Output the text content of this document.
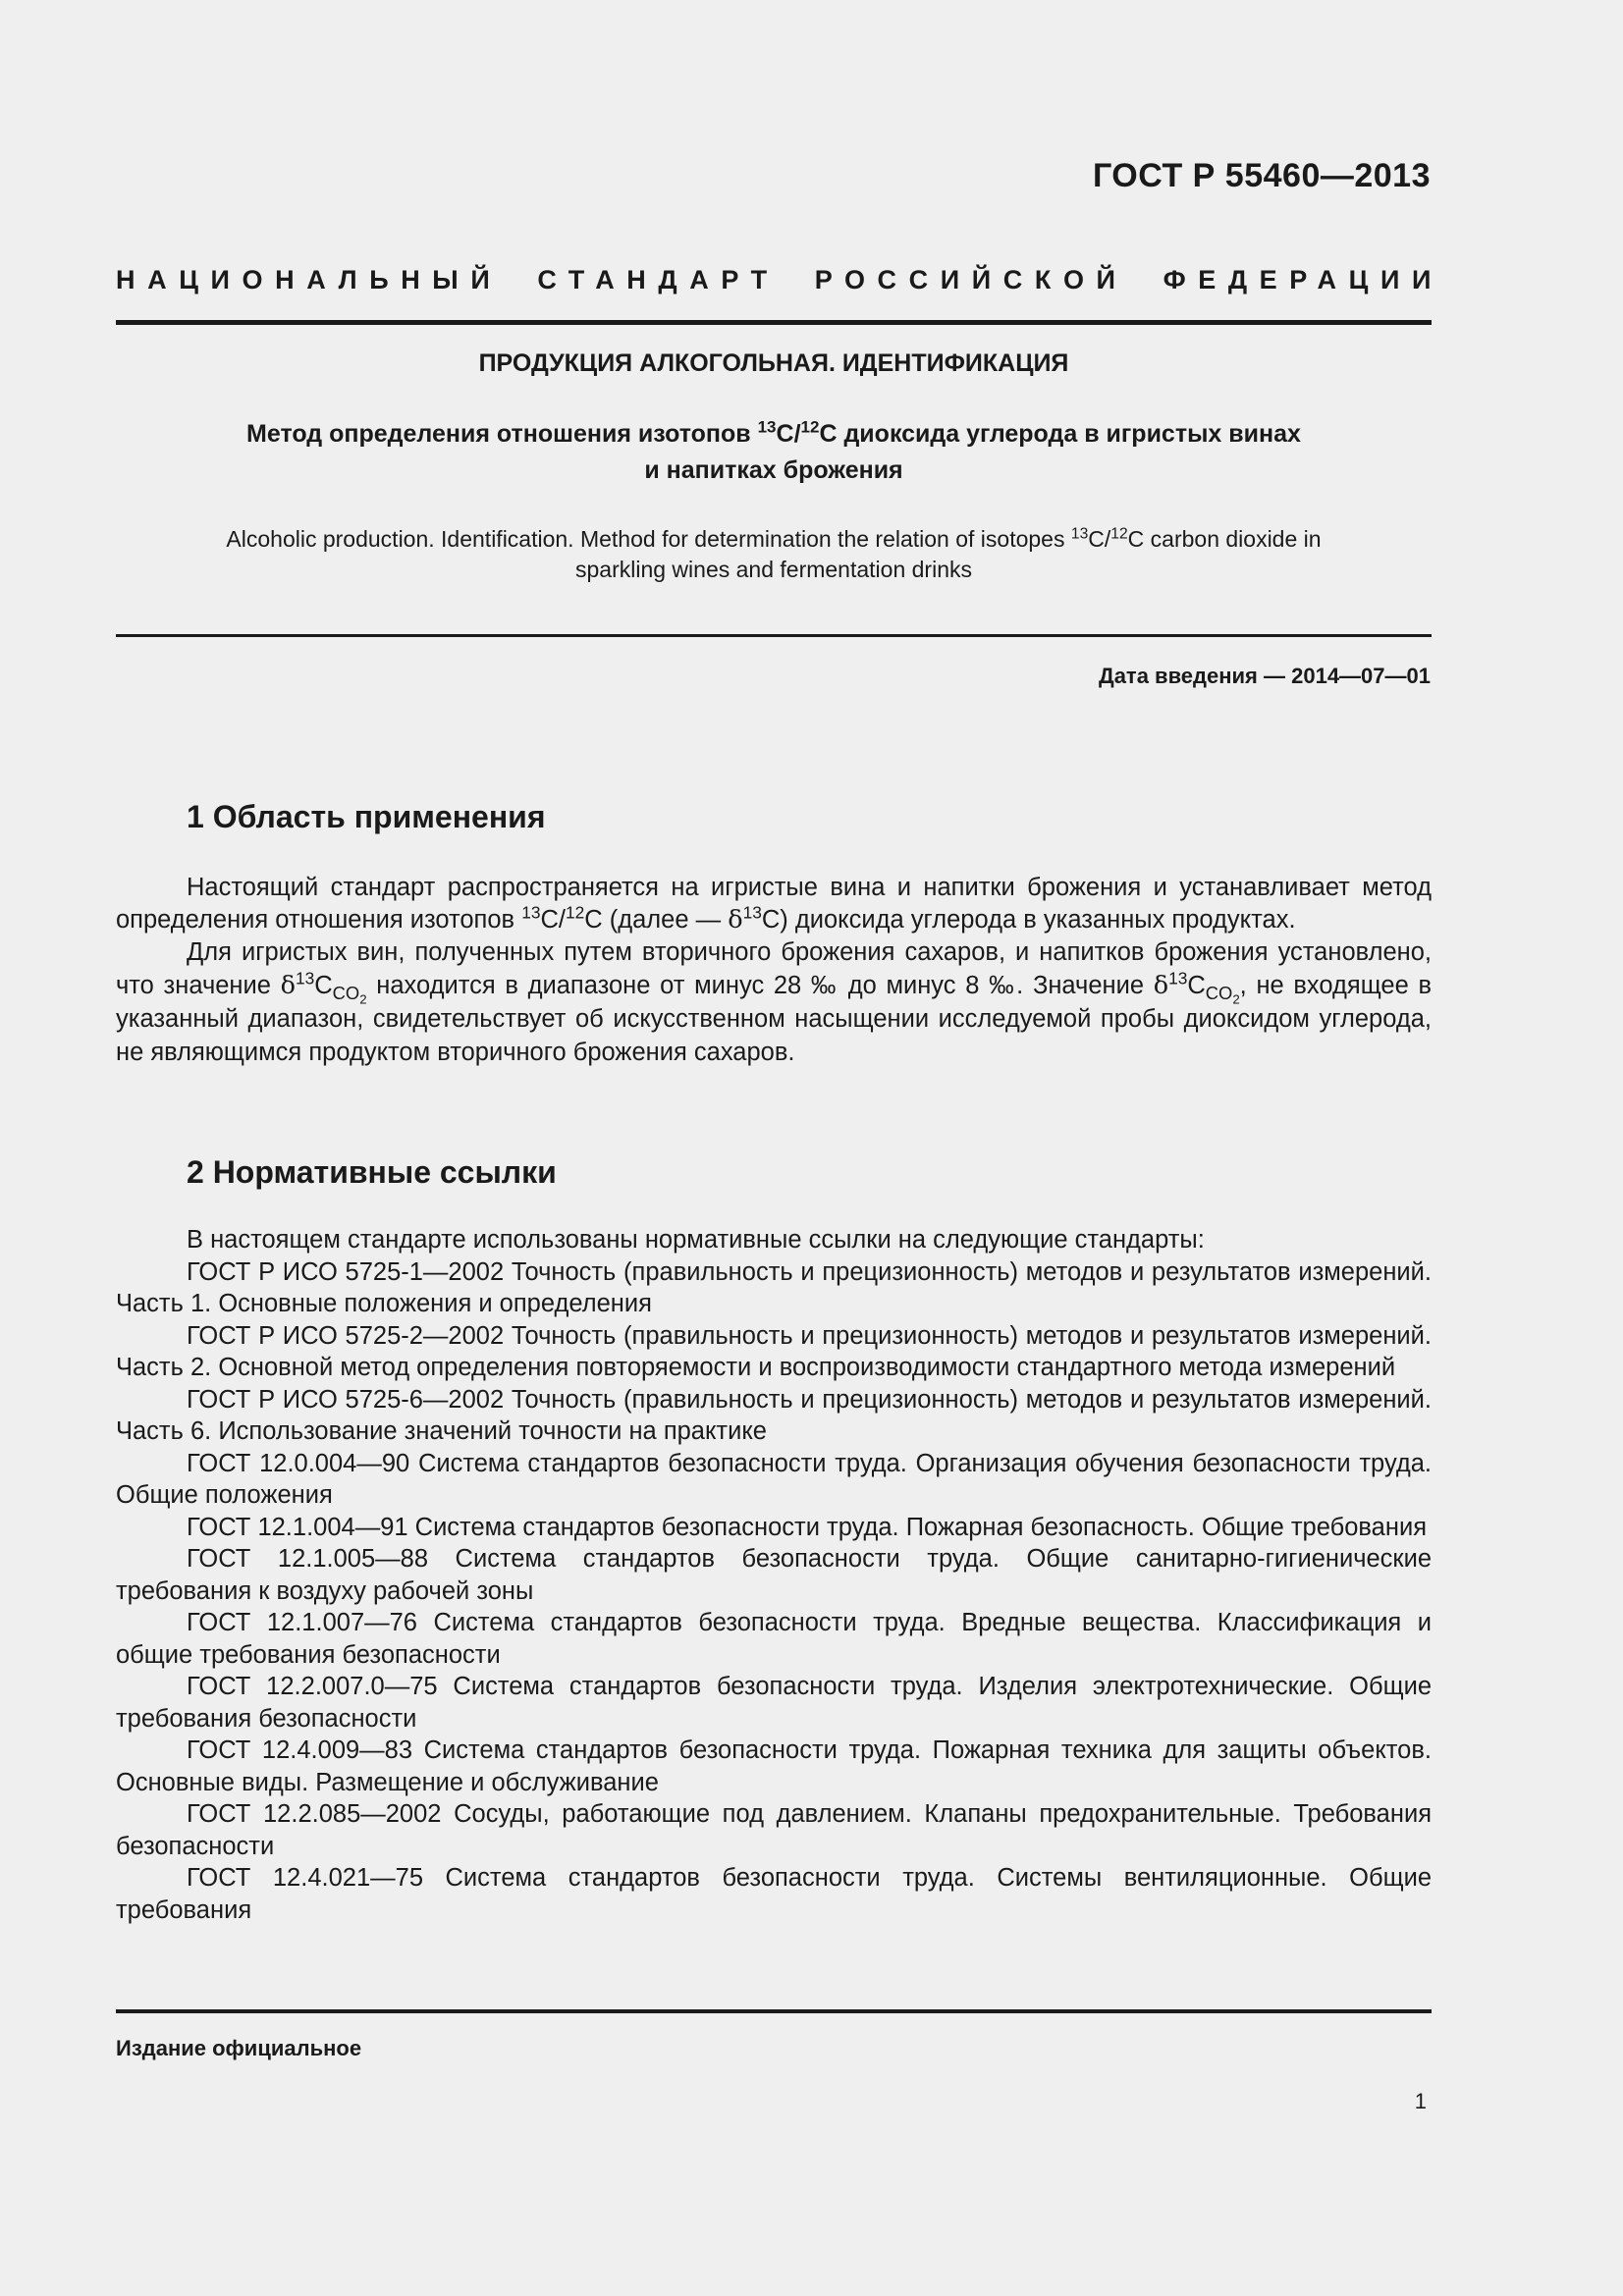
ГОСТ Р 55460—2013
НАЦИОНАЛЬНЫЙ СТАНДАРТ РОССИЙСКОЙ ФЕДЕРАЦИИ
ПРОДУКЦИЯ АЛКОГОЛЬНАЯ. ИДЕНТИФИКАЦИЯ
Метод определения отношения изотопов $^{13}$C/$^{12}$С диоксида углерода в игристых винах
и напитках брожения
Alcoholic production. Identification. Method for determination the relation of isotopes $^{13}$C/$^{12}$C carbon dioxide in
sparkling wines and fermentation drinks
Дата введения — 2014—07—01
1 Область применения

Настоящий стандарт распространяется на игристые вина и напитки брожения и устанавливает метод определения отношения изотопов $^{13}$C/$^{12}$C (далее — $\delta^{13}C$) диоксида углерода в указанных продуктах.

Для игристых вин, полученных путем вторичного брожения сахаров, и напитков брожения установлено, что значение $\delta^{13}C_{CO_2}$ находится в диапазоне от минус 28 ‰ до минус 8 ‰. Значение $\delta^{13}C_{CO_2}$, не входящее в указанный диапазон, свидетельствует об искусственном насыщении исследуемой пробы диоксидом углерода, не являющимся продуктом вторичного брожения сахаров.

2 Нормативные ссылки

В настоящем стандарте использованы нормативные ссылки на следующие стандарты:

ГОСТ Р ИСО 5725-1—2002 Точность (правильность и прецизионность) методов и результатов измерений. Часть 1. Основные положения и определения

ГОСТ Р ИСО 5725-2—2002 Точность (правильность и прецизионность) методов и результатов измерений. Часть 2. Основной метод определения повторяемости и воспроизводимости стандартного метода измерений

ГОСТ Р ИСО 5725-6—2002 Точность (правильность и прецизионность) методов и результатов измерений. Часть 6. Использование значений точности на практике

ГОСТ 12.0.004—90 Система стандартов безопасности труда. Организация обучения безопасности труда. Общие положения

ГОСТ 12.1.004—91 Система стандартов безопасности труда. Пожарная безопасность. Общие требования

ГОСТ 12.1.005—88 Система стандартов безопасности труда. Общие санитарно-гигиенические требования к воздуху рабочей зоны

ГОСТ 12.1.007—76 Система стандартов безопасности труда. Вредные вещества. Классификация и общие требования безопасности

ГОСТ 12.2.007.0—75 Система стандартов безопасности труда. Изделия электротехнические. Общие требования безопасности

ГОСТ 12.4.009—83 Система стандартов безопасности труда. Пожарная техника для защиты объектов. Основные виды. Размещение и обслуживание

ГОСТ 12.2.085—2002 Сосуды, работающие под давлением. Клапаны предохранительные. Требования безопасности

ГОСТ 12.4.021—75 Система стандартов безопасности труда. Системы вентиляционные. Общие требования

Издание официальное
1
